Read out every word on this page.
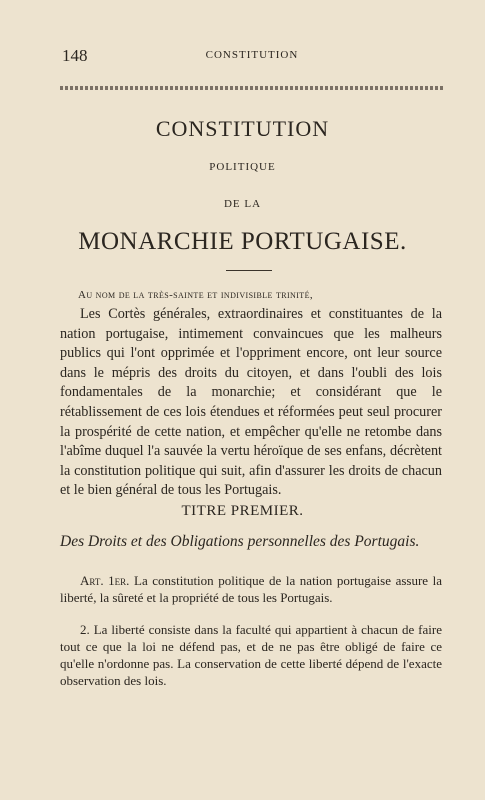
148	CONSTITUTION
CONSTITUTION
POLITIQUE
DE LA
MONARCHIE PORTUGAISE.
Au nom de la très-sainte et indivisible trinité,

Les Cortès générales, extraordinaires et constituantes de la nation portugaise, intimement convaincues que les malheurs publics qui l'ont opprimée et l'oppriment encore, ont leur source dans le mépris des droits du citoyen, et dans l'oubli des lois fondamentales de la monarchie; et considérant que le rétablissement de ces lois étendues et réformées peut seul procurer la prospérité de cette nation, et empêcher qu'elle ne retombe dans l'abîme duquel l'a sauvée la vertu héroïque de ses enfans, décrètent la constitution politique qui suit, afin d'assurer les droits de chacun et le bien général de tous les Portugais.

TITRE PREMIER.
Des Droits et des Obligations personnelles des Portugais.

Art. 1er. La constitution politique de la nation portugaise assure la liberté, la sûreté et la propriété de tous les Portugais.

2. La liberté consiste dans la faculté qui appartient à chacun de faire tout ce que la loi ne défend pas, et de ne pas être obligé de faire ce qu'elle n'ordonne pas. La conservation de cette liberté dépend de l'exacte observation des lois.
